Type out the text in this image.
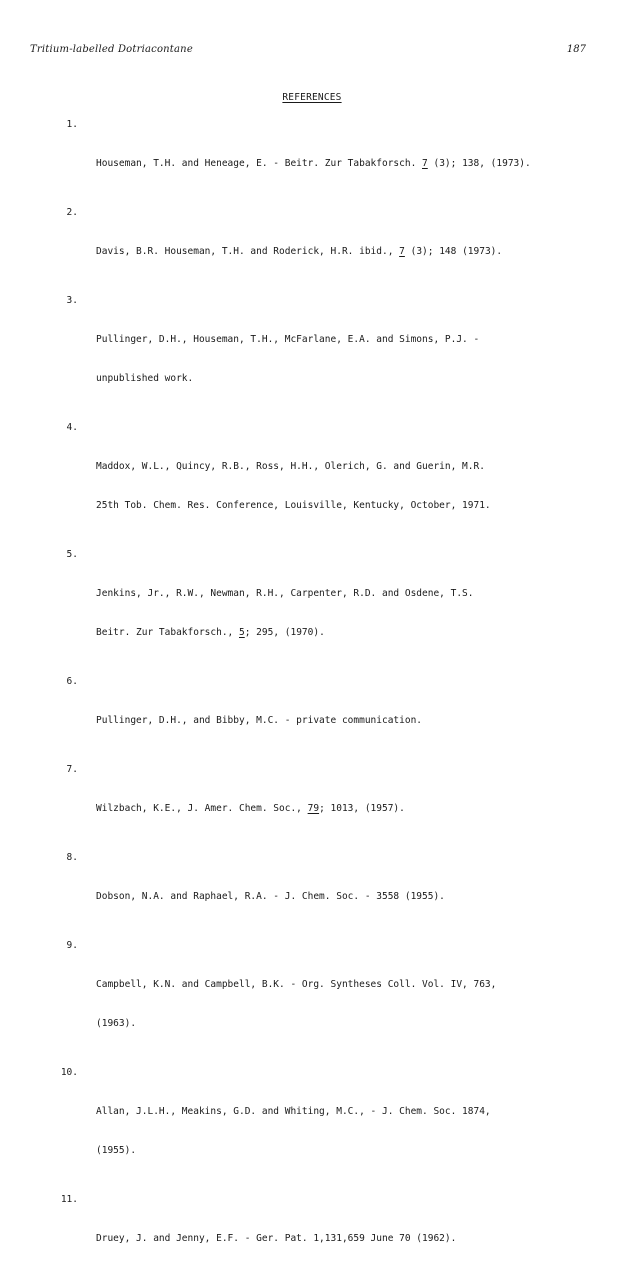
Tritium-labelled Dotriacontane	187
REFERENCES

1.

Houseman, T.H. and Heneage, E. - Beitr. Zur Tabakforsch. 7 (3); 138, (1973).

2.

Davis, B.R. Houseman, T.H. and Roderick, H.R. ibid., 7 (3); 148 (1973).

3.

Pullinger, D.H., Houseman, T.H., McFarlane, E.A. and Simons, P.J. -

unpublished work.

4.

Maddox, W.L., Quincy, R.B., Ross, H.H., Olerich, G. and Guerin, M.R.

25th Tob. Chem. Res. Conference, Louisville, Kentucky, October, 1971.

5.

Jenkins, Jr., R.W., Newman, R.H., Carpenter, R.D. and Osdene, T.S.

Beitr. Zur Tabakforsch., 5; 295, (1970).

6.

Pullinger, D.H., and Bibby, M.C. - private communication.

7.

Wilzbach, K.E., J. Amer. Chem. Soc., 79; 1013, (1957).

8.

Dobson, N.A. and Raphael, R.A. - J. Chem. Soc. - 3558 (1955).

9.

Campbell, K.N. and Campbell, B.K. - Org. Syntheses Coll. Vol. IV, 763,

(1963).

10.

Allan, J.L.H., Meakins, G.D. and Whiting, M.C., - J. Chem. Soc. 1874,

(1955).

11.

Druey, J. and Jenny, E.F. - Ger. Pat. 1,131,659 June 70 (1962).
